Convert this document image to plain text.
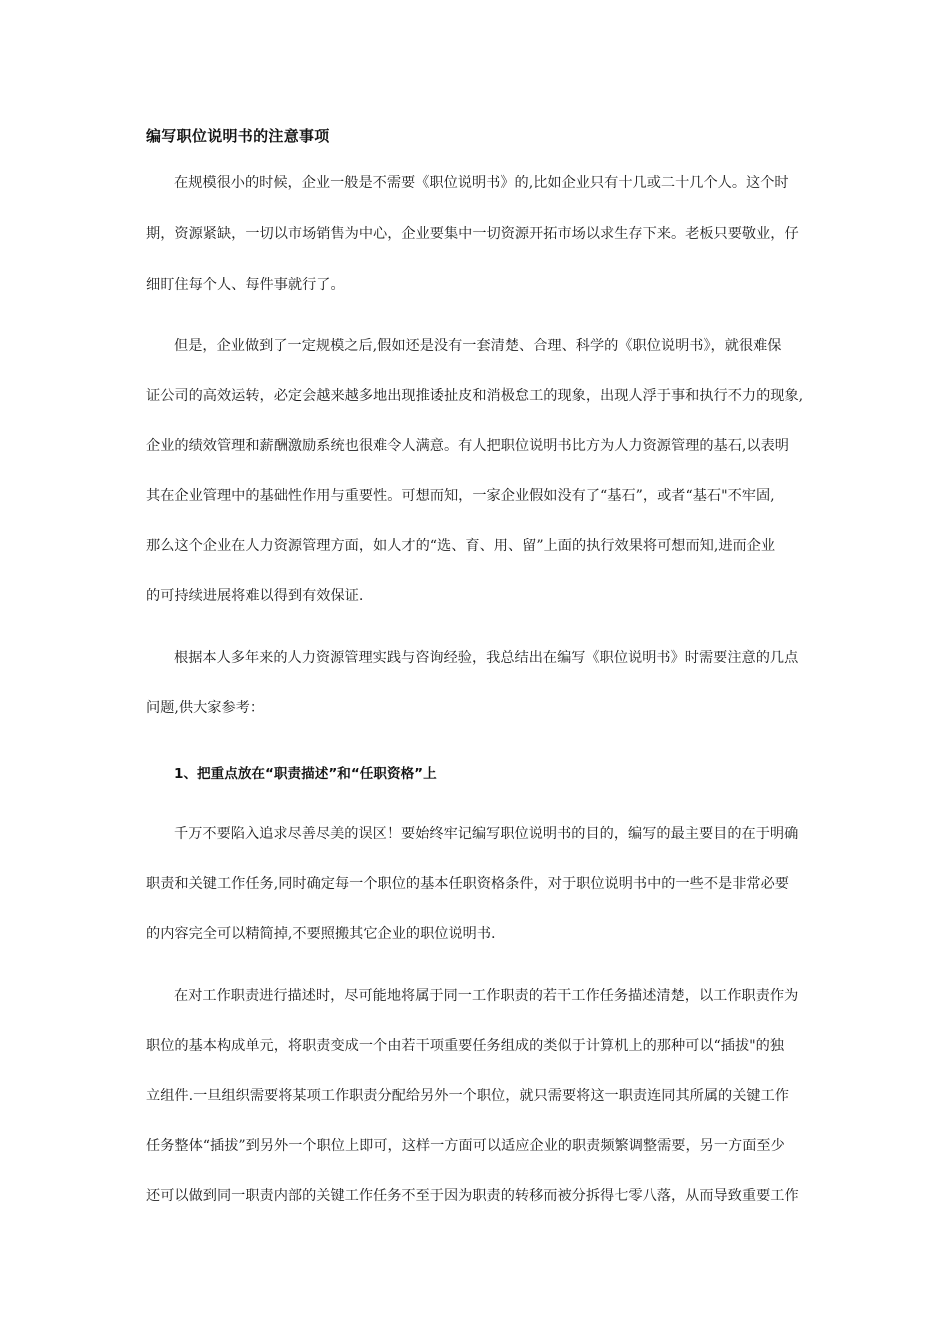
编写职位说明书的注意事项
在规模很小的时候，企业一般是不需要《职位说明书》的,比如企业只有十几或二十几个人。这个时
期，资源紧缺，一切以市场销售为中心，企业要集中一切资源开拓市场以求生存下来。老板只要敬业，仔
细盯住每个人、每件事就行了。
但是，企业做到了一定规模之后,假如还是没有一套清楚、合理、科学的《职位说明书》，就很难保
证公司的高效运转，必定会越来越多地出现推诿扯皮和消极怠工的现象，出现人浮于事和执行不力的现象,
企业的绩效管理和薪酬激励系统也很难令人满意。有人把职位说明书比方为人力资源管理的基石,以表明
其在企业管理中的基础性作用与重要性。可想而知，一家企业假如没有了“基石”，或者“基石"不牢固,
那么这个企业在人力资源管理方面，如人才的“选、育、用、留”上面的执行效果将可想而知,进而企业
的可持续进展将难以得到有效保证.
根据本人多年来的人力资源管理实践与咨询经验，我总结出在编写《职位说明书》时需要注意的几点
问题,供大家参考：
1、把重点放在“职责描述”和“任职资格”上
千万不要陷入追求尽善尽美的误区！要始终牢记编写职位说明书的目的，编写的最主要目的在于明确
职责和关键工作任务,同时确定每一个职位的基本任职资格条件，对于职位说明书中的一些不是非常必要
的内容完全可以精简掉,不要照搬其它企业的职位说明书.
在对工作职责进行描述时，尽可能地将属于同一工作职责的若干工作任务描述清楚，以工作职责作为
职位的基本构成单元，将职责变成一个由若干项重要任务组成的类似于计算机上的那种可以“插拔"的独
立组件.一旦组织需要将某项工作职责分配给另外一个职位，就只需要将这一职责连同其所属的关键工作
任务整体“插拔”到另外一个职位上即可，这样一方面可以适应企业的职责频繁调整需要，另一方面至少
还可以做到同一职责内部的关键工作任务不至于因为职责的转移而被分拆得七零八落，从而导致重要工作
